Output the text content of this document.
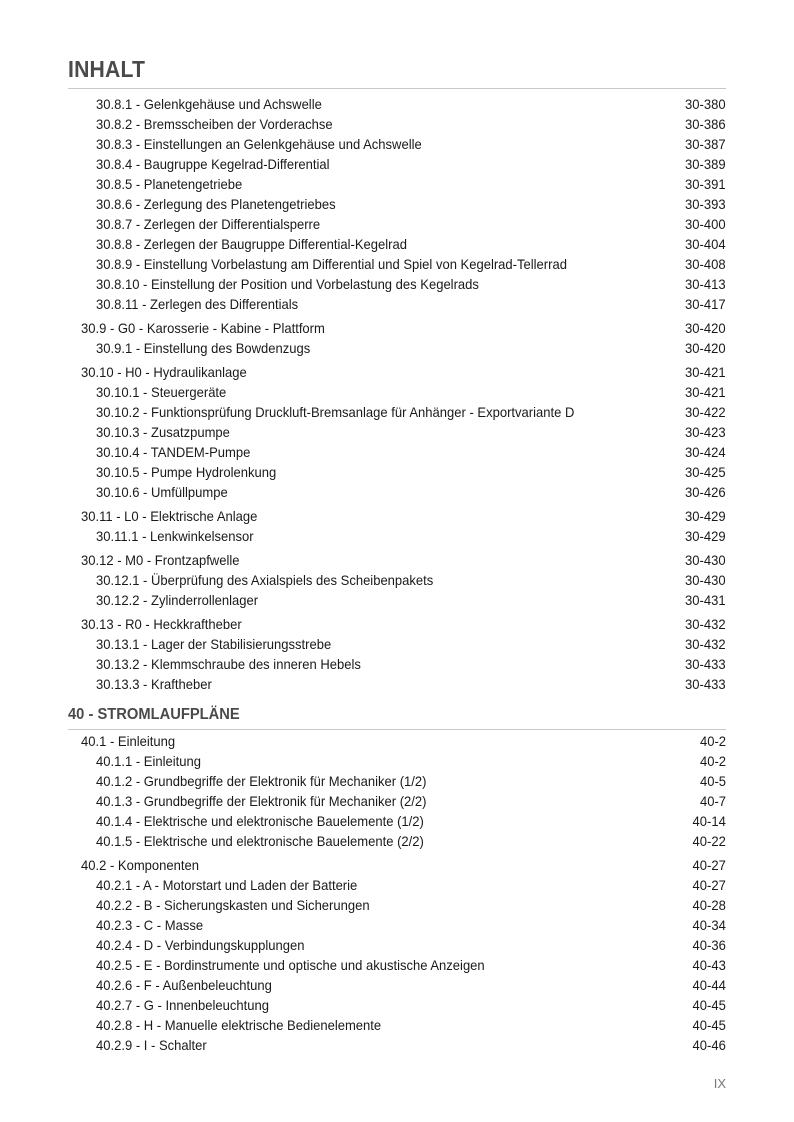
INHALT
30.8.1 - Gelenkgehäuse und Achswelle	30-380
30.8.2 - Bremsscheiben der Vorderachse	30-386
30.8.3 - Einstellungen an Gelenkgehäuse und Achswelle	30-387
30.8.4 - Baugruppe Kegelrad-Differential	30-389
30.8.5 - Planetengetriebe	30-391
30.8.6 - Zerlegung des Planetengetriebes	30-393
30.8.7 - Zerlegen der Differentialsperre	30-400
30.8.8 - Zerlegen der Baugruppe Differential-Kegelrad	30-404
30.8.9 - Einstellung Vorbelastung am Differential und Spiel von Kegelrad-Tellerrad	30-408
30.8.10 - Einstellung der Position und Vorbelastung des Kegelrads	30-413
30.8.11 - Zerlegen des Differentials	30-417
30.9 - G0 - Karosserie - Kabine - Plattform	30-420
30.9.1 - Einstellung des Bowdenzugs	30-420
30.10 - H0 - Hydraulikanlage	30-421
30.10.1 - Steuergeräte	30-421
30.10.2 - Funktionsprüfung Druckluft-Bremsanlage für Anhänger - Exportvariante D	30-422
30.10.3 - Zusatzpumpe	30-423
30.10.4 - TANDEM-Pumpe	30-424
30.10.5 - Pumpe Hydrolenkung	30-425
30.10.6 - Umfüllpumpe	30-426
30.11 - L0 - Elektrische Anlage	30-429
30.11.1 - Lenkwinkelsensor	30-429
30.12 - M0 - Frontzapfwelle	30-430
30.12.1 - Überprüfung des Axialspiels des Scheibenpakets	30-430
30.12.2 - Zylinderrollenlager	30-431
30.13 - R0 - Heckkraftheber	30-432
30.13.1 - Lager der Stabilisierungsstrebe	30-432
30.13.2 - Klemmschraube des inneren Hebels	30-433
30.13.3 - Kraftheber	30-433
40 - STROMLAUFPLÄNE
40.1 - Einleitung	40-2
40.1.1 - Einleitung	40-2
40.1.2 - Grundbegriffe der Elektronik für Mechaniker (1/2)	40-5
40.1.3 - Grundbegriffe der Elektronik für Mechaniker (2/2)	40-7
40.1.4 - Elektrische und elektronische Bauelemente (1/2)	40-14
40.1.5 - Elektrische und elektronische Bauelemente (2/2)	40-22
40.2 - Komponenten	40-27
40.2.1 - A - Motorstart und Laden der Batterie	40-27
40.2.2 - B - Sicherungskasten und Sicherungen	40-28
40.2.3 - C - Masse	40-34
40.2.4 - D - Verbindungskupplungen	40-36
40.2.5 - E - Bordinstrumente und optische und akustische Anzeigen	40-43
40.2.6 - F - Außenbeleuchtung	40-44
40.2.7 - G - Innenbeleuchtung	40-45
40.2.8 - H - Manuelle elektrische Bedienelemente	40-45
40.2.9 - I - Schalter	40-46
IX
